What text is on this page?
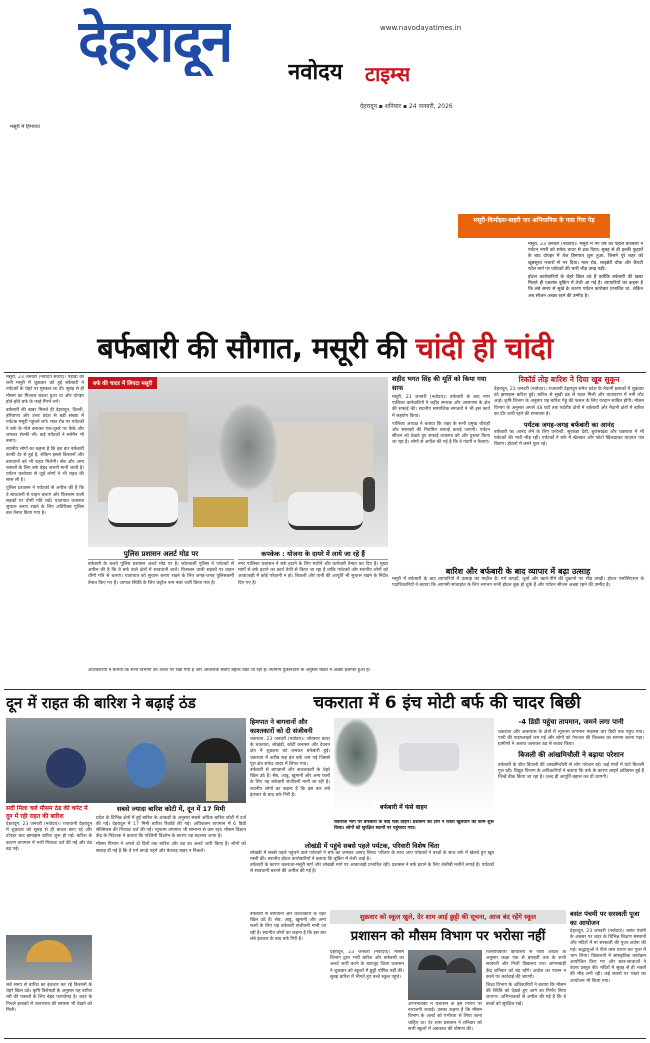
देहरादून	नवोदय टाइम्स
www.navodayatimes.in
देहरादून ▪ शनिवार ▪ 24 जनवरी, 2026
मसूरी में हिमपात
मसूरी-किमोइस-बाहरी पार अभियानिक के पास गिरा पेड़

मसूरी, 23 जनवरी (नवोदय)। मसूरी में नए वर्ष की पहली बर्फबारी ने पर्यटन नगरी को सफेद चादर से ढक दिया। सुबह से ही हल्की फुहारों के बाद दोपहर में तेज हिमपात शुरू हुआ, जिसने पूरे शहर को खूबसूरत नजारों से भर दिया। माल रोड, लाइब्रेरी चौक और कैंपटी फॉल मार्ग पर पर्यटकों की भारी भीड़ उमड़ पड़ी।

होटल कारोबारियों के चेहरे खिल उठे हैं क्योंकि बर्फबारी की खबर मिलते ही एडवांस बुकिंग में तेजी आ गई है। व्यापारियों का कहना है कि लंबे समय से सूखे के कारण पर्यटन कारोबार प्रभावित था, लेकिन अब सीजन अच्छा रहने की उम्मीद है।

बर्फबारी की सौगात, मसूरी की चांदी ही चांदी

मसूरी, 23 जनवरी (नवोदय संवाद)। पहाड़ों की रानी मसूरी में शुक्रवार को हुई बर्फबारी ने पर्यटकों के चेहरे पर मुस्कान ला दी। सुबह से ही मौसम का मिजाज बदला हुआ था और दोपहर होते-होते बर्फ के फाहे गिरने लगे।

बर्फबारी की खबर मिलते ही देहरादून, दिल्ली, हरियाणा और उत्तर प्रदेश से बड़ी संख्या में पर्यटक मसूरी पहुंचने लगे। माल रोड पर पर्यटकों ने बर्फ के गोले बनाकर एक-दूसरे पर फेंके और जमकर सेल्फी ली। कई पर्यटकों ने स्नोमैन भी बनाए।

स्थानीय लोगों का कहना है कि इस बार बर्फबारी काफी देर से हुई है, लेकिन इससे किसानों और बागवानों को भी राहत मिलेगी। सेब और अन्य फसलों के लिए बर्फ बेहद जरूरी मानी जाती है। पर्यटन कारोबार से जुड़े लोगों ने भी राहत की सांस ली है।

पुलिस प्रशासन ने पर्यटकों से अपील की है कि वे सावधानी से वाहन चलाएं और फिसलन वाली सड़कों पर धीमी गति रखें। यातायात व्यवस्था सुचारू बनाए रखने के लिए अतिरिक्त पुलिस बल तैनात किया गया है।

बर्फ की चादर में लिपटा मसूरी
पुलिस प्रशासन अलर्ट मोड पर
बर्फबारी के चलते पुलिस प्रशासन अलर्ट मोड पर है। कोतवाली पुलिस ने पर्यटकों से अपील की है कि वे बर्फ वाले क्षेत्रों में सावधानी बरतें। फिसलन वाली सड़कों पर वाहन धीमी गति से चलाएं। यातायात को सुचारू बनाए रखने के लिए जगह-जगह पुलिसकर्मी तैनात किए गए हैं। आपात स्थिति के लिए कंट्रोल रूम नंबर जारी किया गया है।
कपकेक : योजना के दायरे में लाये जा रहे हैं
नगर पालिका प्रशासन ने बर्फ हटाने के लिए मशीनें और कर्मचारी तैनात कर दिए हैं। मुख्य मार्गों से बर्फ हटाने का कार्य तेजी से किया जा रहा है ताकि पर्यटकों और स्थानीय लोगों को आवाजाही में कोई परेशानी न हो। बिजली और पानी की आपूर्ति भी सुचारू रखने के निर्देश दिए गए हैं।
अधिकारियों ने बताया कि सभी विभागों को अलर्ट पर रखा गया है और आवश्यक सेवाएं बहाल रखी जा रही हैं। स्थानीय दुकानदारों के अनुसार बिक्री में अच्छा इजाफा हुआ है।
शहीद भगत सिंह की मूर्ति को किया गया साफ
मसूरी, 23 जनवरी (नवोदय)। बर्फबारी के बाद नगर पालिका कर्मचारियों ने शहीद स्मारक और आसपास के क्षेत्र की सफाई की। स्थानीय सामाजिक संगठनों ने भी इस कार्य में सहयोग किया।
पालिका अध्यक्ष ने बताया कि शहर के सभी प्रमुख चौराहों और स्मारकों की नियमित सफाई कराई जाएगी। पर्यटन सीजन को देखते हुए सफाई व्यवस्था को और दुरुस्त किया जा रहा है। लोगों से अपील की गई है कि वे गंदगी न फैलाएं।
रिकॉर्ड तोड़ बारिश ने दिया खूब सुकून
देहरादून, 23 जनवरी (नवोदय)। राजधानी देहरादून समेत प्रदेश के मैदानी इलाकों में शुक्रवार को झमाझम बारिश हुई। बारिश से सूखी ठंड से राहत मिली और वातावरण में नमी लौट आई। कृषि विभाग के अनुसार यह बारिश गेहूं की फसल के लिए वरदान साबित होगी। मौसम विभाग के अनुसार अगले 48 घंटों तक पर्वतीय क्षेत्रों में बर्फबारी और मैदानी क्षेत्रों में बारिश का दौर जारी रहने की संभावना है।
पर्यटक जगह-जगह बर्फबारी का आनंद
बर्फबारी का आनंद लेने के लिए धनोल्टी, सुरकंडा देवी, बुरांसखंडा और चकराता में भी पर्यटकों की भारी भीड़ रही। पर्यटकों ने बर्फ में खेलकर और फोटो खिंचवाकर यादगार पल बिताए। होटलों में कमरे फुल रहे।
बारिश और बर्फबारी के बाद व्यापार में बढ़ा उत्साह
मसूरी में बर्फबारी के बाद व्यापारियों में उत्साह का माहौल है। गर्म कपड़ों, जूतों और खाने-पीने की दुकानों पर भीड़ उमड़ी। होटल एसोसिएशन के पदाधिकारियों ने बताया कि आगामी सप्ताहांत के लिए लगभग सभी होटल बुक हो चुके हैं और पर्यटन सीजन अच्छा रहने की उम्मीद है।
दून में राहत की बारिश ने बढ़ाई ठंड	चकराता में 6 इंच मोटी बर्फ की चादर बिछी
सर्दी मिला चले मौसम ठंड की चपेट में दून में रही राहत की बारिश
देहरादून, 23 जनवरी (नवोदय)। राजधानी देहरादून में शुक्रवार को सुबह से ही बादल छाए रहे और दोपहर बाद झमाझम बारिश शुरू हो गई। बारिश के कारण तापमान में भारी गिरावट दर्ज की गई और ठंड बढ़ गई।
लंबे समय से बारिश का इंतजार कर रहे किसानों के चेहरे खिल उठे। कृषि विशेषज्ञों के अनुसार यह बारिश रबी की फसलों के लिए बेहद फायदेमंद है। शहर के निचले इलाकों में जलभराव की समस्या भी देखने को मिली।
सबसे ज्यादा बारिश कोटी में, दून में 17 मिमी
प्रदेश के विभिन्न क्षेत्रों में हुई बारिश के आंकड़ों के अनुसार सबसे अधिक बारिश कोटी में दर्ज की गई। देहरादून में 17 मिमी बारिश रिकॉर्ड की गई। अधिकतम तापमान में 6 डिग्री सेल्सियस की गिरावट दर्ज की गई। न्यूनतम तापमान भी सामान्य से कम रहा। मौसम विज्ञान केंद्र के निदेशक ने बताया कि पश्चिमी विक्षोभ के कारण यह बदलाव आया है।
मौसम विभाग ने अगले दो दिनों तक बारिश और ठंड का अलर्ट जारी किया है। लोगों को सलाह दी गई है कि वे गर्म कपड़े पहनें और बेवजह बाहर न निकलें।
हिमपात ने बागवानों और काश्तकारों को दी संजीवनी
चकराता, 23 जनवरी (नवोदय)। जौनसार बावर के चकराता, लोखंडी, कोटी कनासर और देववन क्षेत्र में शुक्रवार को जमकर बर्फबारी हुई। चकराता में करीब छह इंच बर्फ जम गई जिससे पूरा क्षेत्र सफेद चादर में लिपट गया।
बर्फबारी से बागवानों और काश्तकारों के चेहरे खिल उठे हैं। सेब, आडू, खुमानी और अन्य फलों के लिए यह बर्फबारी संजीवनी मानी जा रही है। स्थानीय लोगों का कहना है कि इस बार लंबे इंतजार के बाद बर्फ गिरी है।
बर्फबारी में फंसे वाहन
चकराता मार्ग पर बर्फबारी के बाद फंसे वाहन। प्रशासन की टीम ने रास्ता खुलवाने का काम शुरू किया। लोगों को सुरक्षित स्थानों पर पहुंचाया गया।
लोखंडी में पहुंचे सबसे पहले पर्यटक, परिवारी विशेष चिंता
लोखंडी में सबसे पहले पहुंचने वाले पर्यटकों ने बर्फ का जमकर आनंद लिया। परिवार के साथ आए पर्यटकों ने बच्चों के साथ बर्फ में खेलते हुए खूब मस्ती की। स्थानीय होटल कारोबारियों ने बताया कि बुकिंग में तेजी आई है।
बर्फबारी के कारण चकराता-मसूरी मार्ग और लोखंडी मार्ग पर आवाजाही प्रभावित रही। प्रशासन ने बर्फ हटाने के लिए जेसीबी मशीनें लगाई हैं। पर्यटकों से सावधानी बरतने की अपील की गई है।
-4 डिग्री पहुंचा तापमान, जमने लगा पानी
चकराता और आसपास के क्षेत्रों में न्यूनतम तापमान माइनस चार डिग्री तक पहुंच गया। पानी की पाइपलाइनें जम गईं और लोगों को पेयजल की किल्लत का सामना करना पड़ा। ग्रामीणों ने अलाव जलाकर ठंड से बचाव किया।
बिजली की आंखमिचौली ने बढ़ाया परेशान
बर्फबारी के बीच बिजली की आंखमिचौली से लोग परेशान रहे। कई गांवों में घंटों बिजली गुल रही। विद्युत विभाग के अधिकारियों ने बताया कि बर्फ के कारण लाइनें क्षतिग्रस्त हुई हैं जिन्हें ठीक किया जा रहा है। जल्द ही आपूर्ति बहाल कर दी जाएगी।
शुक्रवार को स्कूल खुले, देर शाम आई छुट्टी की सूचना, आज बंद रहेंगे स्कूल
प्रशासन को मौसम विभाग पर भरोसा नहीं

देहरादून, 23 जनवरी (नवोदय)। मौसम विभाग द्वारा भारी बारिश और बर्फबारी का अलर्ट जारी करने के बावजूद जिला प्रशासन ने शुक्रवार को स्कूलों में छुट्टी घोषित नहीं की। सुबह बारिश में भीगते हुए बच्चे स्कूल पहुंचे।

अभिभावकों ने प्रशासन के इस निर्णय पर नाराजगी जताई। उनका कहना है कि मौसम विभाग के अलर्ट को गंभीरता से लिया जाना चाहिए था। देर शाम प्रशासन ने शनिवार को सभी स्कूलों में अवकाश की घोषणा की।

जिलाधिकारी कार्यालय से जारी आदेश के अनुसार कक्षा एक से बारहवीं तक के सभी सरकारी और निजी विद्यालय तथा आंगनबाड़ी केंद्र शनिवार को बंद रहेंगे। आदेश का पालन न करने पर कार्रवाई की जाएगी।

शिक्षा विभाग के अधिकारियों ने बताया कि मौसम की स्थिति को देखते हुए आगे का निर्णय लिया जाएगा। अभिभावकों से अपील की गई है कि वे बच्चों को सुरक्षित रखें।

बसंत पंचमी पर सरस्वती पूजा का आयोजन
देहरादून, 23 जनवरी (नवोदय)। बसंत पंचमी के अवसर पर शहर के विभिन्न शिक्षण संस्थानों और मंदिरों में मां सरस्वती की पूजा-अर्चना की गई। श्रद्धालुओं ने पीले वस्त्र धारण कर पूजा में भाग लिया। विद्यालयों में सांस्कृतिक कार्यक्रम आयोजित किए गए और छात्र-छात्राओं ने वंदना प्रस्तुत की। मंदिरों में सुबह से ही भक्तों की भीड़ लगी रही। कई स्थानों पर भंडारे का आयोजन भी किया गया।
बर्फबारी से बागवानों और काश्तकारों के चेहरे खिल उठे हैं। सेब, आडू, खुमानी और अन्य फलों के लिए यह बर्फबारी संजीवनी मानी जा रही है। स्थानीय लोगों का कहना है कि इस बार लंबे इंतजार के बाद बर्फ गिरी है।
